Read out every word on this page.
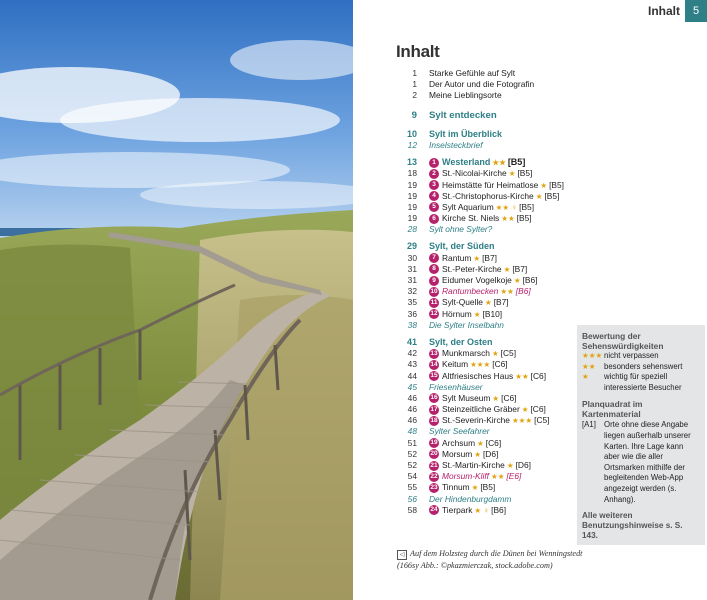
Inhalt	5
Inhalt
1	Starke Gefühle auf Sylt
1	Der Autor und die Fotografin
2	Meine Lieblingsorte
9	Sylt entdecken
10	Sylt im Überblick
12	Inselsteckbrief
13	1 Westerland ★★ [B5]
18	2 St.-Nicolai-Kirche ★ [B5]
19	3 Heimstätte für Heimatlose ★ [B5]
19	4 St.-Christophorus-Kirche ★ [B5]
19	5 Sylt Aquarium ★★ ♀ [B5]
19	6 Kirche St. Niels ★★ [B5]
28	Sylt ohne Sylter?
29	Sylt, der Süden
30	7 Rantum ★ [B7]
31	8 St.-Peter-Kirche ★ [B7]
31	9 Eidumer Vogelkoje ★ [B6]
32	10 Rantumbecken ★★ [B6]
35	11 Sylt-Quelle ★ [B7]
36	12 Hörnum ★ [B10]
38	Die Sylter Inselbahn
41	Sylt, der Osten
42	13 Munkmarsch ★ [C5]
43	14 Keitum ★★★ [C6]
44	15 Altfriesisches Haus ★★ [C6]
45	Friesenhäuser
46	16 Sylt Museum ★ [C6]
46	17 Steinzeitliche Gräber ★ [C6]
46	18 St.-Severin-Kirche ★★★ [C5]
48	Sylter Seefahrer
51	19 Archsum ★ [C6]
52	20 Morsum ★ [D6]
52	21 St.-Martin-Kirche ★ [D6]
54	22 Morsum-Kliff ★★ [E6]
55	23 Tinnum ★ [B5]
56	Der Hindenburgdamm
58	24 Tierpark ★ ♀ [B6]
Bewertung der Sehenswürdigkeiten
★★★ nicht verpassen
★★	besonders sehenswert
★	wichtig für speziell interessierte Besucher
Planquadrat im Kartenmaterial
[A1]	Orte ohne diese Angabe liegen außerhalb unserer Karten. Ihre Lage kann aber wie die aller Ortsmarken mithilfe der begleitenden Web-App angezeigt werden (s. Anhang).
Alle weiteren Benutzungshinweise s. S. 143.
◁ Auf dem Holzsteg durch die Dünen bei Wenningstedt (166sy Abb.: ©pkazmierczak, stock.adobe.com)
